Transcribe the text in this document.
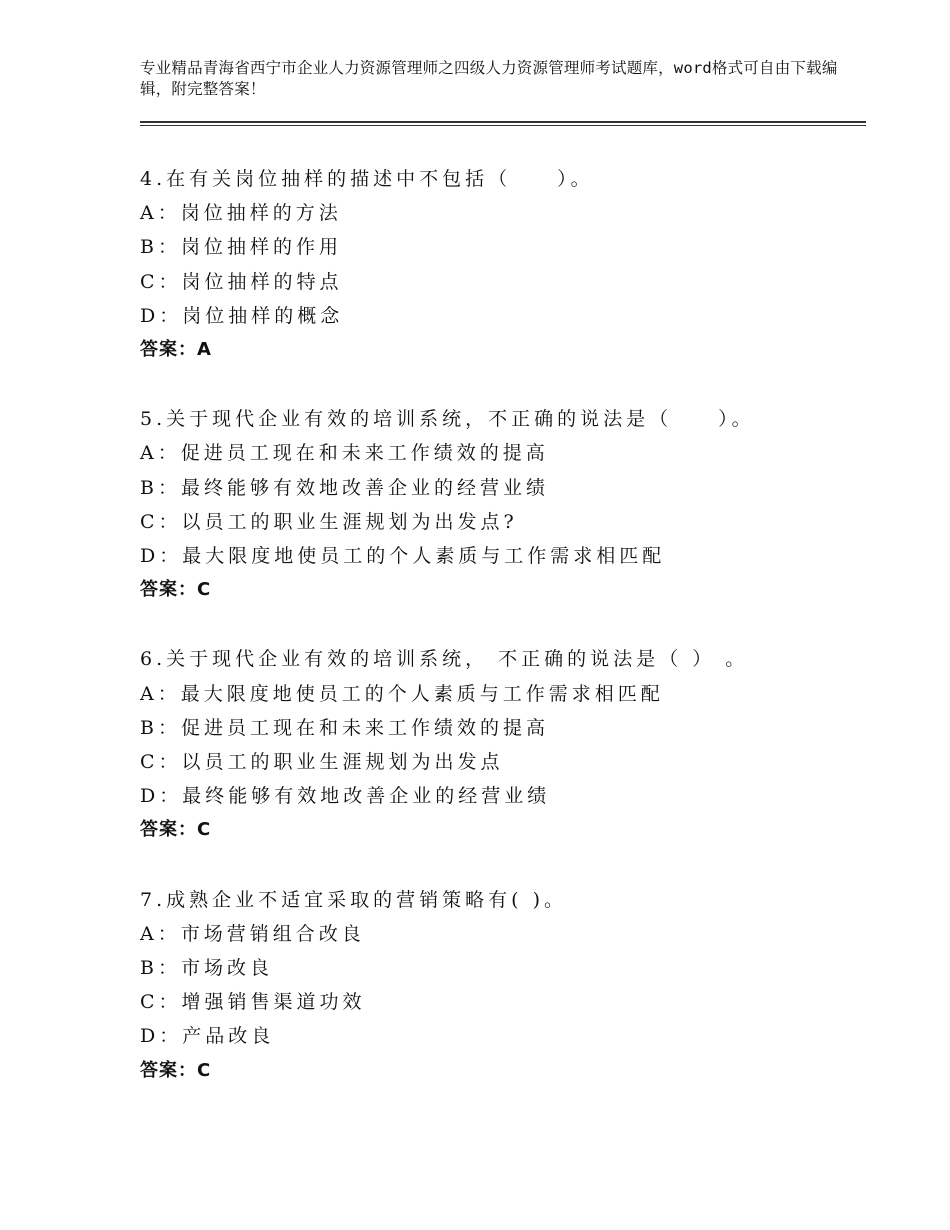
专业精品青海省西宁市企业人力资源管理师之四级人力资源管理师考试题库，word格式可自由下载编辑，附完整答案！
4.在有关岗位抽样的描述中不包括（　　）。
A：岗位抽样的方法
B：岗位抽样的作用
C：岗位抽样的特点
D：岗位抽样的概念
答案：A
5.关于现代企业有效的培训系统，不正确的说法是（　　）。
A：促进员工现在和未来工作绩效的提高
B：最终能够有效地改善企业的经营业绩
C：以员工的职业生涯规划为出发点?
D：最大限度地使员工的个人素质与工作需求相匹配
答案：C
6.关于现代企业有效的培训系统， 不正确的说法是（ ） 。
A：最大限度地使员工的个人素质与工作需求相匹配
B：促进员工现在和未来工作绩效的提高
C：以员工的职业生涯规划为出发点
D：最终能够有效地改善企业的经营业绩
答案：C
7.成熟企业不适宜采取的营销策略有( )。
A：市场营销组合改良
B：市场改良
C：增强销售渠道功效
D：产品改良
答案：C
